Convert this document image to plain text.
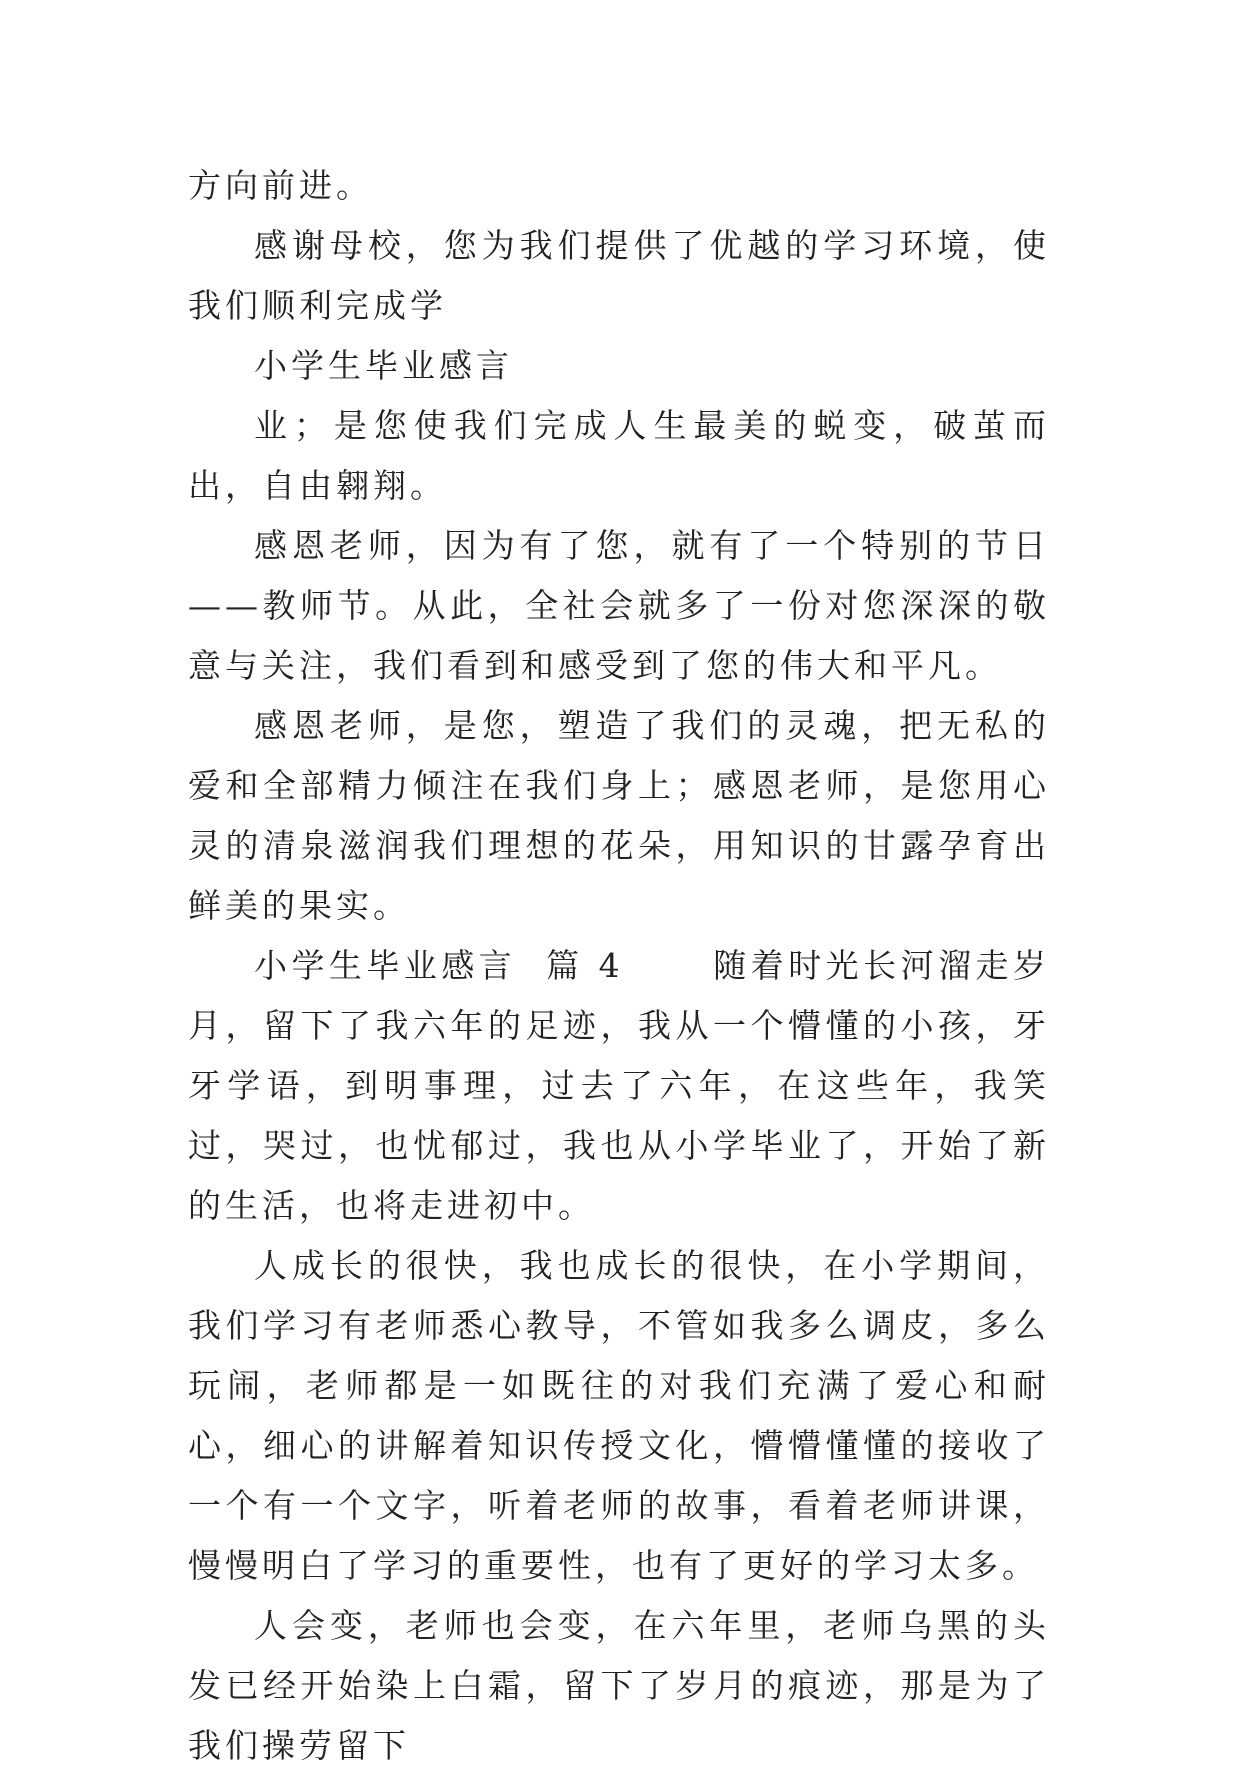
方向前进。

感谢母校，您为我们提供了优越的学习环境，使我们顺利完成学

小学生毕业感言

业；是您使我们完成人生最美的蜕变，破茧而出，自由翱翔。

感恩老师，因为有了您，就有了一个特别的节日——教师节。从此，全社会就多了一份对您深深的敬意与关注，我们看到和感受到了您的伟大和平凡。

感恩老师，是您，塑造了我们的灵魂，把无私的爱和全部精力倾注在我们身上；感恩老师，是您用心灵的清泉滋润我们理想的花朵，用知识的甘露孕育出鲜美的果实。

小学生毕业感言  篇 4      随着时光长河溜走岁月，留下了我六年的足迹，我从一个懵懂的小孩，牙牙学语，到明事理，过去了六年，在这些年，我笑过，哭过，也忧郁过，我也从小学毕业了，开始了新的生活，也将走进初中。

人成长的很快，我也成长的很快，在小学期间，我们学习有老师悉心教导，不管如我多么调皮，多么玩闹，老师都是一如既往的对我们充满了爱心和耐心，细心的讲解着知识传授文化，懵懵懂懂的接收了一个有一个文字，听着老师的故事，看着老师讲课，慢慢明白了学习的重要性，也有了更好的学习太多。

人会变，老师也会变，在六年里，老师乌黑的头发已经开始染上白霜，留下了岁月的痕迹，那是为了我们操劳留下
